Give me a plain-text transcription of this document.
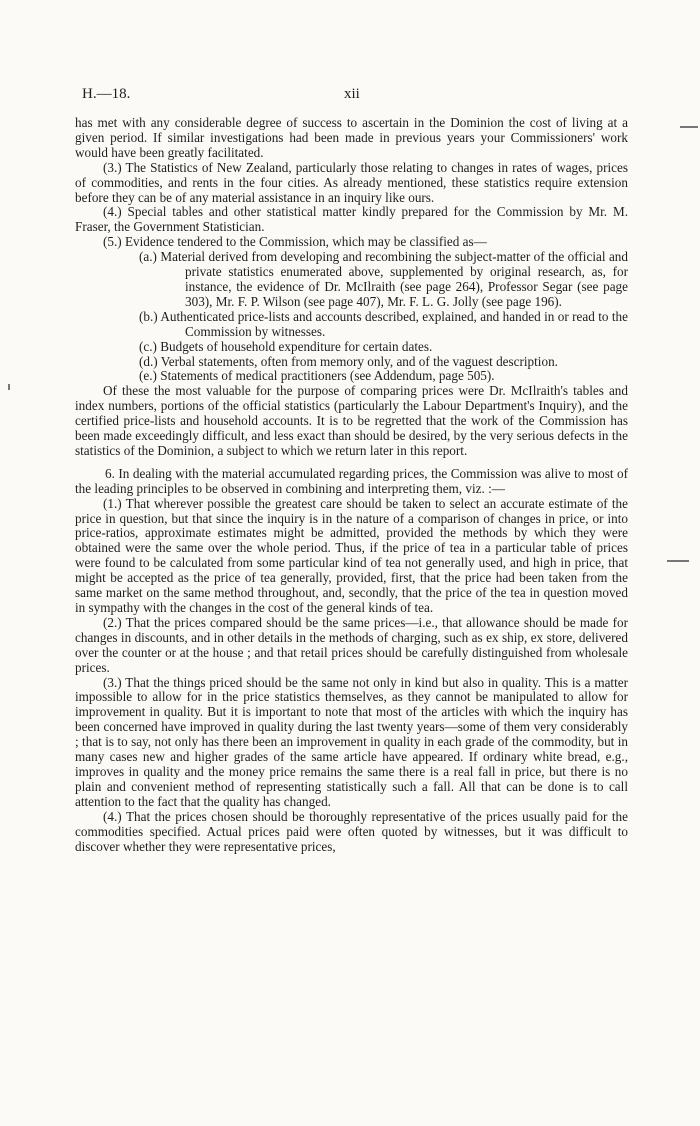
H.—18.	xii

has met with any considerable degree of success to ascertain in the Dominion the cost of living at a given period. If similar investigations had been made in previous years your Commissioners' work would have been greatly facilitated.

(3.) The Statistics of New Zealand, particularly those relating to changes in rates of wages, prices of commodities, and rents in the four cities. As already mentioned, these statistics require extension before they can be of any material assistance in an inquiry like ours.

(4.) Special tables and other statistical matter kindly prepared for the Commission by Mr. M. Fraser, the Government Statistician.

(5.) Evidence tendered to the Commission, which may be classified as—

(a.) Material derived from developing and recombining the subject-matter of the official and private statistics enumerated above, supplemented by original research, as, for instance, the evidence of Dr. McIlraith (see page 264), Professor Segar (see page 303), Mr. F. P. Wilson (see page 407), Mr. F. L. G. Jolly (see page 196).

(b.) Authenticated price-lists and accounts described, explained, and handed in or read to the Commission by witnesses.

(c.) Budgets of household expenditure for certain dates.

(d.) Verbal statements, often from memory only, and of the vaguest description.

(e.) Statements of medical practitioners (see Addendum, page 505).

Of these the most valuable for the purpose of comparing prices were Dr. McIlraith's tables and index numbers, portions of the official statistics (particularly the Labour Department's Inquiry), and the certified price-lists and household accounts. It is to be regretted that the work of the Commission has been made exceedingly difficult, and less exact than should be desired, by the very serious defects in the statistics of the Dominion, a subject to which we return later in this report.

6. In dealing with the material accumulated regarding prices, the Commission was alive to most of the leading principles to be observed in combining and interpreting them, viz. :—

(1.) That wherever possible the greatest care should be taken to select an accurate estimate of the price in question, but that since the inquiry is in the nature of a comparison of changes in price, or into price-ratios, approximate estimates might be admitted, provided the methods by which they were obtained were the same over the whole period. Thus, if the price of tea in a particular table of prices were found to be calculated from some particular kind of tea not generally used, and high in price, that might be accepted as the price of tea generally, provided, first, that the price had been taken from the same market on the same method throughout, and, secondly, that the price of the tea in question moved in sympathy with the changes in the cost of the general kinds of tea.

(2.) That the prices compared should be the same prices—i.e., that allowance should be made for changes in discounts, and in other details in the methods of charging, such as ex ship, ex store, delivered over the counter or at the house ; and that retail prices should be carefully distinguished from wholesale prices.

(3.) That the things priced should be the same not only in kind but also in quality. This is a matter impossible to allow for in the price statistics themselves, as they cannot be manipulated to allow for improvement in quality. But it is important to note that most of the articles with which the inquiry has been concerned have improved in quality during the last twenty years—some of them very considerably ; that is to say, not only has there been an improvement in quality in each grade of the commodity, but in many cases new and higher grades of the same article have appeared. If ordinary white bread, e.g., improves in quality and the money price remains the same there is a real fall in price, but there is no plain and convenient method of representing statistically such a fall. All that can be done is to call attention to the fact that the quality has changed.

(4.) That the prices chosen should be thoroughly representative of the prices usually paid for the commodities specified. Actual prices paid were often quoted by witnesses, but it was difficult to discover whether they were representative prices,
